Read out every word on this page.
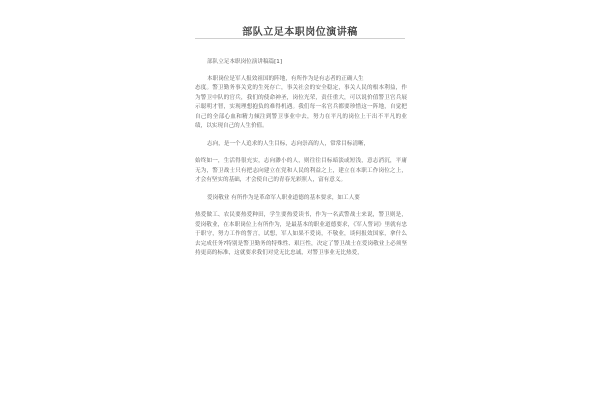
部队立足本职岗位演讲稿

部队立足本职岗位演讲稿篇[1]

本职岗位是军人报效祖国的阵地，有所作为是有志者的正确人生

态度。警卫勤务事关党的生死存亡，事关社会的安全稳定，事关人民的根本利益，作为警卫中队的官兵，我们的使命神圣，岗位光荣，责任重大，可以说价值警卫官兵展示聪明才智，实现理想抱负的难得机遇。我们每一名官兵都要珍惜这一阵地，自觉把自己的全部心血和精力倾注到警卫事业中去，努力在平凡的岗位上干出不平凡的业绩，以实现自己的人生价值。

志向，是一个人追求的人生目标，志向崇高的人，常常目标清晰，

始终如一，生活得很充实，志向渺小的人，则往往目标暗淡或短浅，意志消沉，平庸无为，警卫战士只有把志向建立在党和人民的利益之上，建立在本职工作岗位之上，才会有坚实的基础，才会使自己的青春光彩照人，富有意义。

爱岗敬业 有所作为是革命军人职业道德的基本要求，如工人要

热爱做工、农民要热爱种田，学生要热爱读书，作为一名武警战士来说，警卫则是，爱岗敬业，在本职岗位上有所作为，是最基本的职业道德要求，《军人誓词》里就有忠于职守，努力工作的誓言，试想，军人如果不爱岗，不敬业，谈何报效国家，拿什么去完成任务?特别是警卫勤务的特殊性、艰巨性，决定了警卫战士在爱岗敬业上必须坚持更高的标准，这就要求我们对党无比忠诚，对警卫事业无比热爱，
